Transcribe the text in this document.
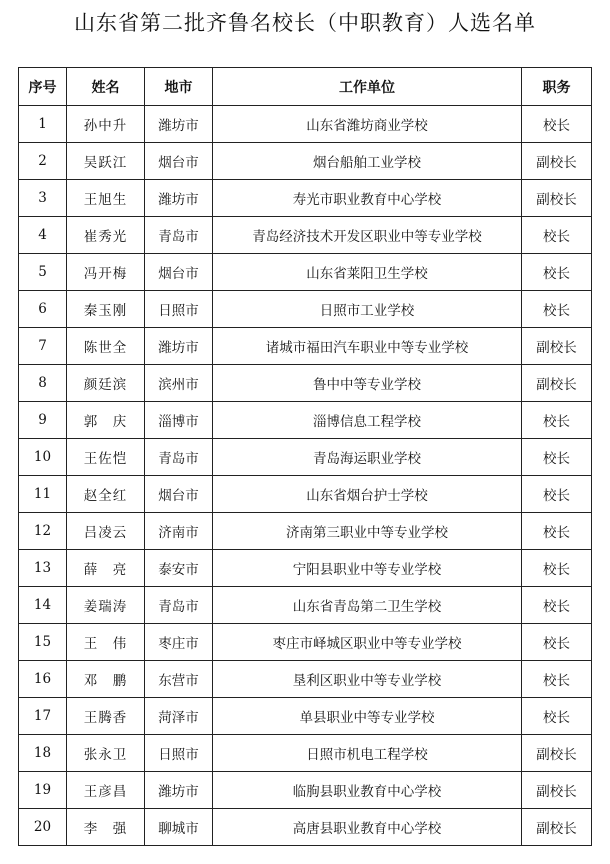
山东省第二批齐鲁名校长（中职教育）人选名单
序号	姓名	地市	工作单位	职务
1	孙中升	潍坊市	山东省潍坊商业学校	校长
2	吴跃江	烟台市	烟台船舶工业学校	副校长
3	王旭生	潍坊市	寿光市职业教育中心学校	副校长
4	崔秀光	青岛市	青岛经济技术开发区职业中等专业学校	校长
5	冯开梅	烟台市	山东省莱阳卫生学校	校长
6	秦玉刚	日照市	日照市工业学校	校长
7	陈世全	潍坊市	诸城市福田汽车职业中等专业学校	副校长
8	颜廷滨	滨州市	鲁中中等专业学校	副校长
9	郭　庆	淄博市	淄博信息工程学校	校长
10	王佐恺	青岛市	青岛海运职业学校	校长
11	赵全红	烟台市	山东省烟台护士学校	校长
12	吕凌云	济南市	济南第三职业中等专业学校	校长
13	薛　亮	泰安市	宁阳县职业中等专业学校	校长
14	姜瑞涛	青岛市	山东省青岛第二卫生学校	校长
15	王　伟	枣庄市	枣庄市峄城区职业中等专业学校	校长
16	邓　鹏	东营市	垦利区职业中等专业学校	校长
17	王腾香	菏泽市	单县职业中等专业学校	校长
18	张永卫	日照市	日照市机电工程学校	副校长
19	王彦昌	潍坊市	临朐县职业教育中心学校	副校长
20	李　强	聊城市	高唐县职业教育中心学校	副校长
